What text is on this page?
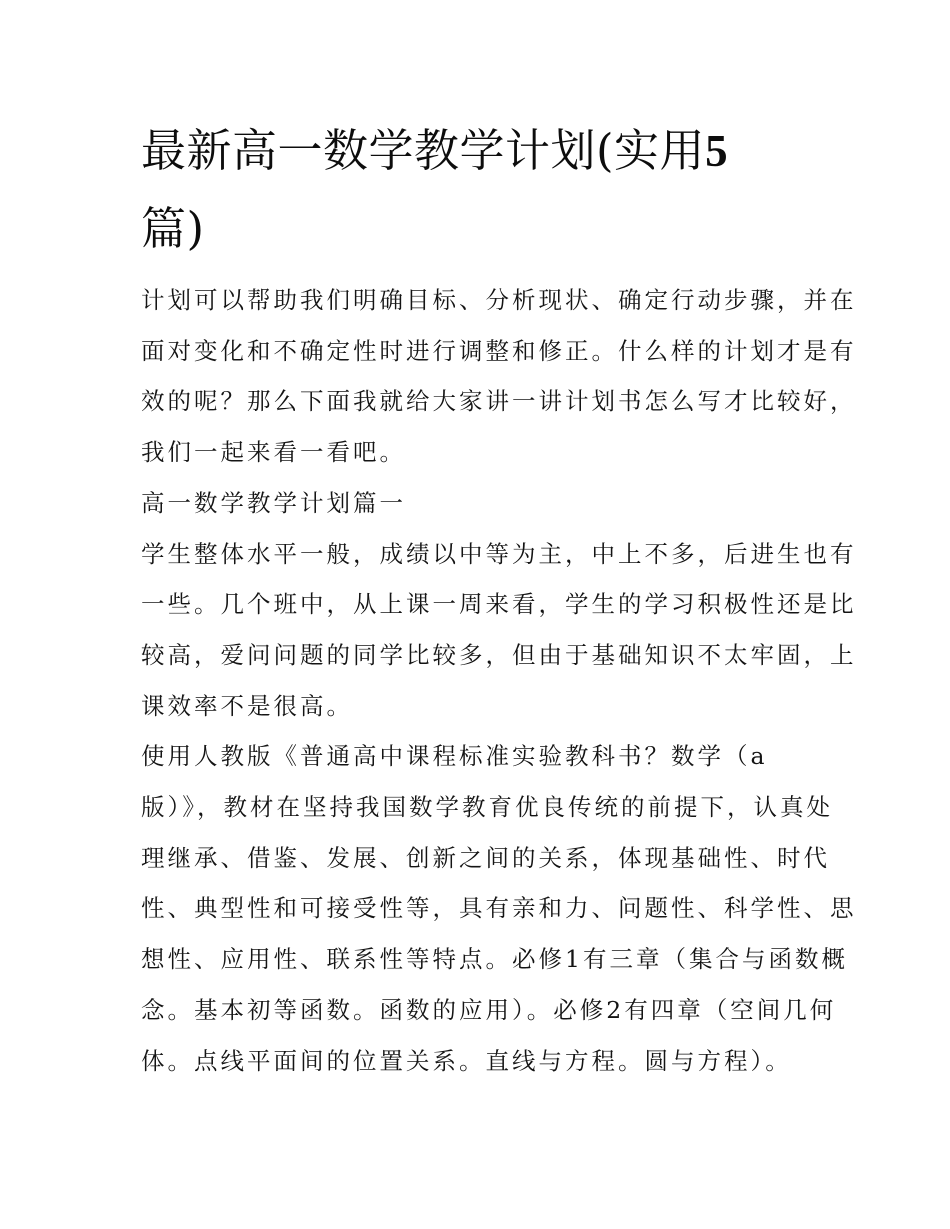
最新高一数学教学计划(实用5
篇)

计划可以帮助我们明确目标、分析现状、确定行动步骤，并在
面对变化和不确定性时进行调整和修正。什么样的计划才是有
效的呢？那么下面我就给大家讲一讲计划书怎么写才比较好，
我们一起来看一看吧。

高一数学教学计划篇一

学生整体水平一般，成绩以中等为主，中上不多，后进生也有
一些。几个班中，从上课一周来看，学生的学习积极性还是比
较高，爱问问题的同学比较多，但由于基础知识不太牢固，上
课效率不是很高。

使用人教版《普通高中课程标准实验教科书？数学（a
版）》，教材在坚持我国数学教育优良传统的前提下，认真处
理继承、借鉴、发展、创新之间的关系，体现基础性、时代
性、典型性和可接受性等，具有亲和力、问题性、科学性、思
想性、应用性、联系性等特点。必修1有三章（集合与函数概
念。基本初等函数。函数的应用）。必修2有四章（空间几何
体。点线平面间的位置关系。直线与方程。圆与方程）。
